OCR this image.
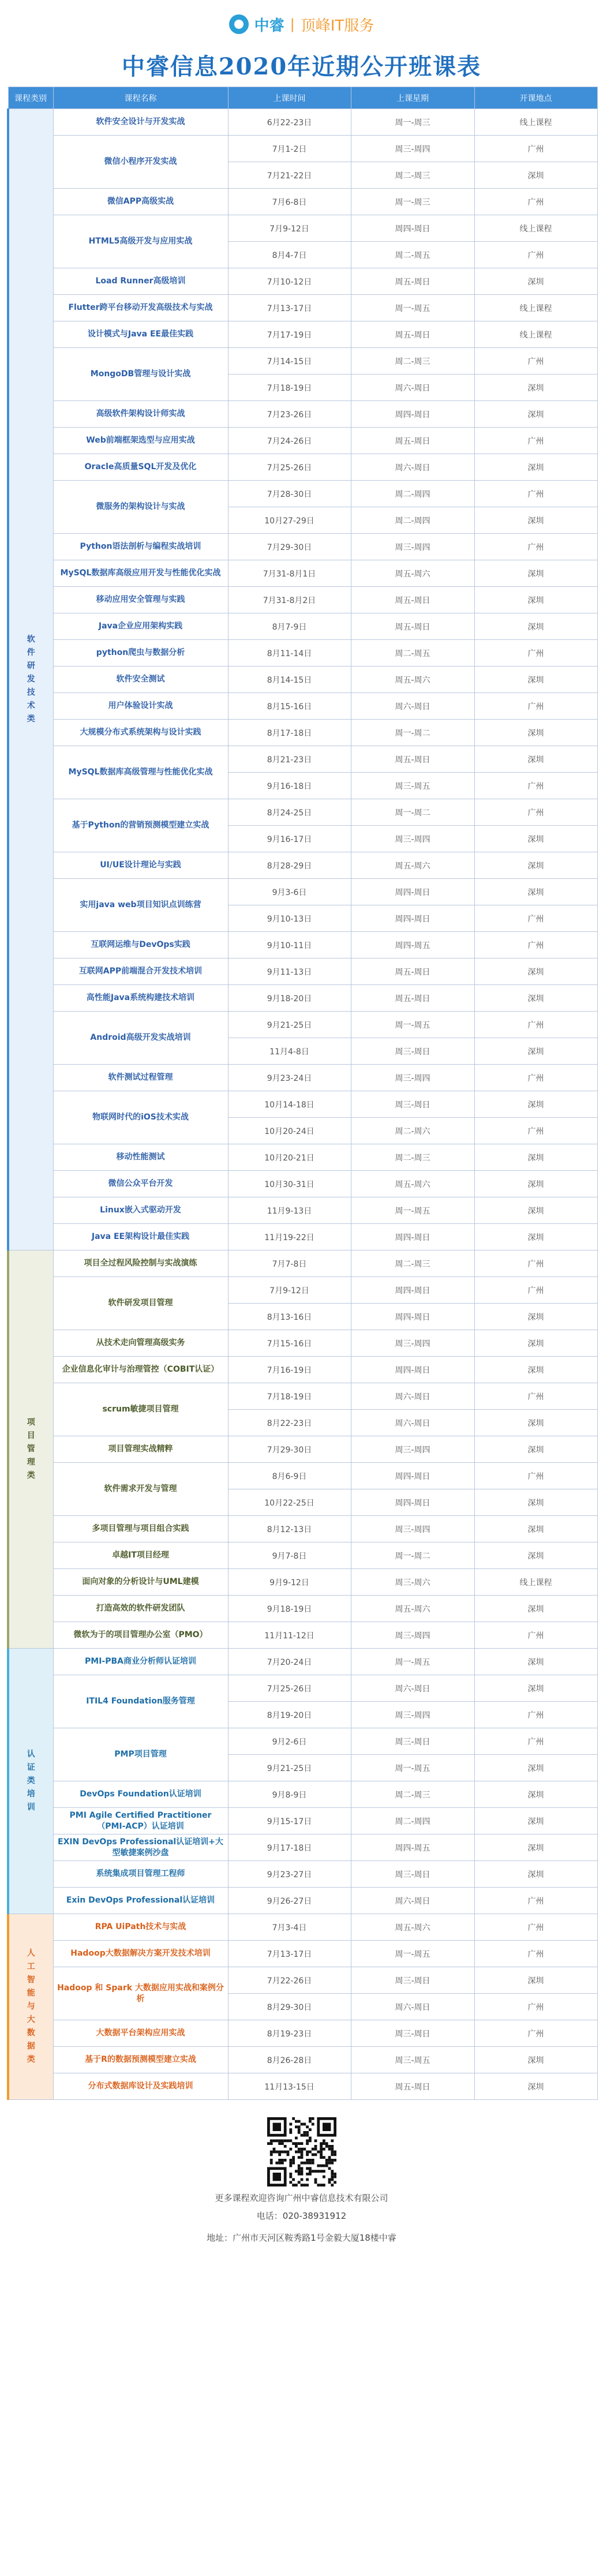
中睿 | 顶峰IT服务
中睿信息2020年近期公开班课表
课程类别	课程名称	上课时间	上课星期	开课地点
软件研发技术类	软件安全设计与开发实战	6月22-23日	周一-周三	线上课程
	微信小程序开发实战	7月1-2日	周三-周四	广州
		7月21-22日	周二-周三	深圳
	微信APP高级实战	7月6-8日	周一-周三	广州
	HTML5高级开发与应用实战	7月9-12日	周四-周日	线上课程
		8月4-7日	周二-周五	广州
	Load Runner高级培训	7月10-12日	周五-周日	深圳
	Flutter跨平台移动开发高级技术与实战	7月13-17日	周一-周五	线上课程
	设计模式与Java EE最佳实践	7月17-19日	周五-周日	线上课程
	MongoDB管理与设计实战	7月14-15日	周二-周三	广州
		7月18-19日	周六-周日	深圳
	高级软件架构设计师实战	7月23-26日	周四-周日	深圳
	Web前端框架选型与应用实战	7月24-26日	周五-周日	广州
	Oracle高质量SQL开发及优化	7月25-26日	周六-周日	深圳
	微服务的架构设计与实战	7月28-30日	周二-周四	广州
		10月27-29日	周二-周四	深圳
	Python语法剖析与编程实战培训	7月29-30日	周三-周四	广州
	MySQL数据库高级应用开发与性能优化实战	7月31-8月1日	周五-周六	深圳
	移动应用安全管理与实践	7月31-8月2日	周五-周日	深圳
	Java企业应用架构实践	8月7-9日	周五-周日	深圳
	python爬虫与数据分析	8月11-14日	周二-周五	广州
	软件安全测试	8月14-15日	周五-周六	深圳
	用户体验设计实战	8月15-16日	周六-周日	广州
	大规模分布式系统架构与设计实践	8月17-18日	周一-周二	深圳
	MySQL数据库高级管理与性能优化实战	8月21-23日	周五-周日	深圳
		9月16-18日	周三-周五	广州
	基于Python的营销预测模型建立实战	8月24-25日	周一-周二	广州
		9月16-17日	周三-周四	深圳
	UI/UE设计理论与实践	8月28-29日	周五-周六	深圳
	实用java web项目知识点训练营	9月3-6日	周四-周日	深圳
		9月10-13日	周四-周日	广州
	互联网运维与DevOps实践	9月10-11日	周四-周五	广州
	互联网APP前端混合开发技术培训	9月11-13日	周五-周日	深圳
	高性能Java系统构建技术培训	9月18-20日	周五-周日	深圳
	Android高级开发实战培训	9月21-25日	周一-周五	广州
		11月4-8日	周三-周日	深圳
	软件测试过程管理	9月23-24日	周三-周四	广州
	物联网时代的iOS技术实战	10月14-18日	周三-周日	深圳
		10月20-24日	周二-周六	广州
	移动性能测试	10月20-21日	周二-周三	深圳
	微信公众平台开发	10月30-31日	周五-周六	深圳
	Linux嵌入式驱动开发	11月9-13日	周一-周五	深圳
	Java EE架构设计最佳实践	11月19-22日	周四-周日	深圳
项目管理类	项目全过程风险控制与实战演练	7月7-8日	周二-周三	广州
	软件研发项目管理	7月9-12日	周四-周日	广州
		8月13-16日	周四-周日	深圳
	从技术走向管理高级实务	7月15-16日	周三-周四	深圳
	企业信息化审计与治理管控（COBIT认证）	7月16-19日	周四-周日	深圳
	scrum敏捷项目管理	7月18-19日	周六-周日	广州
		8月22-23日	周六-周日	深圳
	项目管理实战精粹	7月29-30日	周三-周四	深圳
	软件需求开发与管理	8月6-9日	周四-周日	广州
		10月22-25日	周四-周日	深圳
	多项目管理与项目组合实践	8月12-13日	周三-周四	深圳
	卓越IT项目经理	9月7-8日	周一-周二	深圳
	面向对象的分析设计与UML建模	9月9-12日	周三-周六	线上课程
	打造高效的软件研发团队	9月18-19日	周五-周六	深圳
	微软为于的项目管理办公室（PMO）	11月11-12日	周三-周四	广州
认证类培训	PMI-PBA商业分析师认证培训	7月20-24日	周一-周五	深圳
	ITIL4 Foundation服务管理	7月25-26日	周六-周日	深圳
		8月19-20日	周三-周四	广州
	PMP项目管理	9月2-6日	周三-周日	广州
		9月21-25日	周一-周五	深圳
	DevOps Foundation认证培训	9月8-9日	周二-周三	深圳
	PMI Agile Certified Practitioner（PMI-ACP）认证培训	9月15-17日	周二-周四	深圳
	EXIN DevOps Professional认证培训+大型敏捷案例沙盘	9月17-18日	周四-周五	深圳
	系统集成项目管理工程师	9月23-27日	周三-周日	深圳
	Exin DevOps Professional认证培训	9月26-27日	周六-周日	广州
人工智能与大数据类	RPA UiPath技术与实战	7月3-4日	周五-周六	广州
	Hadoop大数据解决方案开发技术培训	7月13-17日	周一-周五	广州
	Hadoop 和 Spark 大数据应用实战和案例分析	7月22-26日	周三-周日	深圳
		8月29-30日	周六-周日	广州
	大数据平台架构应用实战	8月19-23日	周三-周日	广州
	基于R的数据预测模型建立实战	8月26-28日	周三-周五	深圳
	分布式数据库设计及实践培训	11月13-15日	周五-周日	深圳
更多课程欢迎咨询广州中睿信息技术有限公司
电话：020-38931912
地址：广州市天河区鞍秀路1号金毅大厦18楼中睿
